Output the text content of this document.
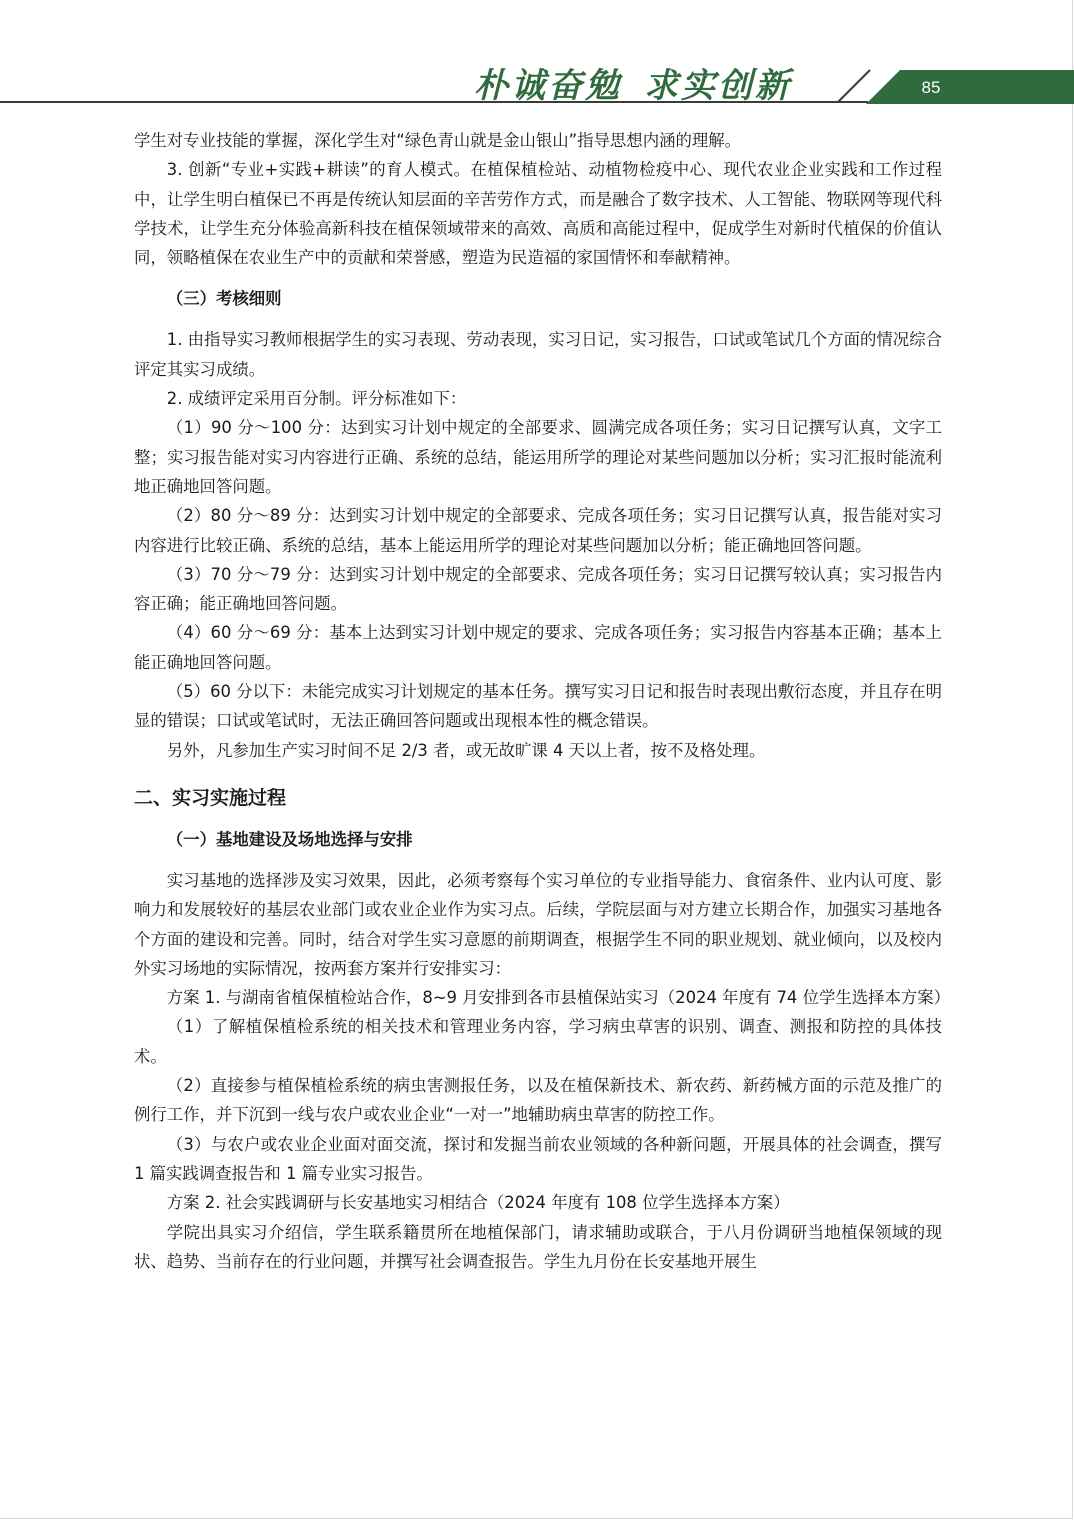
朴诚奋勉 求实创新	85

学生对专业技能的掌握，深化学生对“绿色青山就是金山银山”指导思想内涵的理解。

3. 创新“专业+实践+耕读”的育人模式。在植保植检站、动植物检疫中心、现代农业企业实践和工作过程中，让学生明白植保已不再是传统认知层面的辛苦劳作方式，而是融合了数字技术、人工智能、物联网等现代科学技术，让学生充分体验高新科技在植保领域带来的高效、高质和高能过程中，促成学生对新时代植保的价值认同，领略植保在农业生产中的贡献和荣誉感，塑造为民造福的家国情怀和奉献精神。

（三）考核细则

1. 由指导实习教师根据学生的实习表现、劳动表现，实习日记，实习报告，口试或笔试几个方面的情况综合评定其实习成绩。

2. 成绩评定采用百分制。评分标准如下：

（1）90 分～100 分：达到实习计划中规定的全部要求、圆满完成各项任务；实习日记撰写认真，文字工整；实习报告能对实习内容进行正确、系统的总结，能运用所学的理论对某些问题加以分析；实习汇报时能流利地正确地回答问题。

（2）80 分～89 分：达到实习计划中规定的全部要求、完成各项任务；实习日记撰写认真，报告能对实习内容进行比较正确、系统的总结，基本上能运用所学的理论对某些问题加以分析；能正确地回答问题。

（3）70 分～79 分：达到实习计划中规定的全部要求、完成各项任务；实习日记撰写较认真；实习报告内容正确；能正确地回答问题。

（4）60 分～69 分：基本上达到实习计划中规定的要求、完成各项任务；实习报告内容基本正确；基本上能正确地回答问题。

（5）60 分以下：未能完成实习计划规定的基本任务。撰写实习日记和报告时表现出敷衍态度，并且存在明显的错误；口试或笔试时，无法正确回答问题或出现根本性的概念错误。

另外，凡参加生产实习时间不足 2/3 者，或无故旷课 4 天以上者，按不及格处理。

二、实习实施过程
（一）基地建设及场地选择与安排

实习基地的选择涉及实习效果，因此，必须考察每个实习单位的专业指导能力、食宿条件、业内认可度、影响力和发展较好的基层农业部门或农业企业作为实习点。后续，学院层面与对方建立长期合作，加强实习基地各个方面的建设和完善。同时，结合对学生实习意愿的前期调查，根据学生不同的职业规划、就业倾向，以及校内外实习场地的实际情况，按两套方案并行安排实习：

方案 1. 与湖南省植保植检站合作，8~9 月安排到各市县植保站实习（2024 年度有 74 位学生选择本方案）

（1）了解植保植检系统的相关技术和管理业务内容，学习病虫草害的识别、调查、测报和防控的具体技术。

（2）直接参与植保植检系统的病虫害测报任务，以及在植保新技术、新农药、新药械方面的示范及推广的例行工作，并下沉到一线与农户或农业企业“一对一”地辅助病虫草害的防控工作。

（3）与农户或农业企业面对面交流，探讨和发掘当前农业领域的各种新问题，开展具体的社会调查，撰写 1 篇实践调查报告和 1 篇专业实习报告。

方案 2. 社会实践调研与长安基地实习相结合（2024 年度有 108 位学生选择本方案）

学院出具实习介绍信，学生联系籍贯所在地植保部门，请求辅助或联合，于八月份调研当地植保领域的现状、趋势、当前存在的行业问题，并撰写社会调查报告。学生九月份在长安基地开展生
